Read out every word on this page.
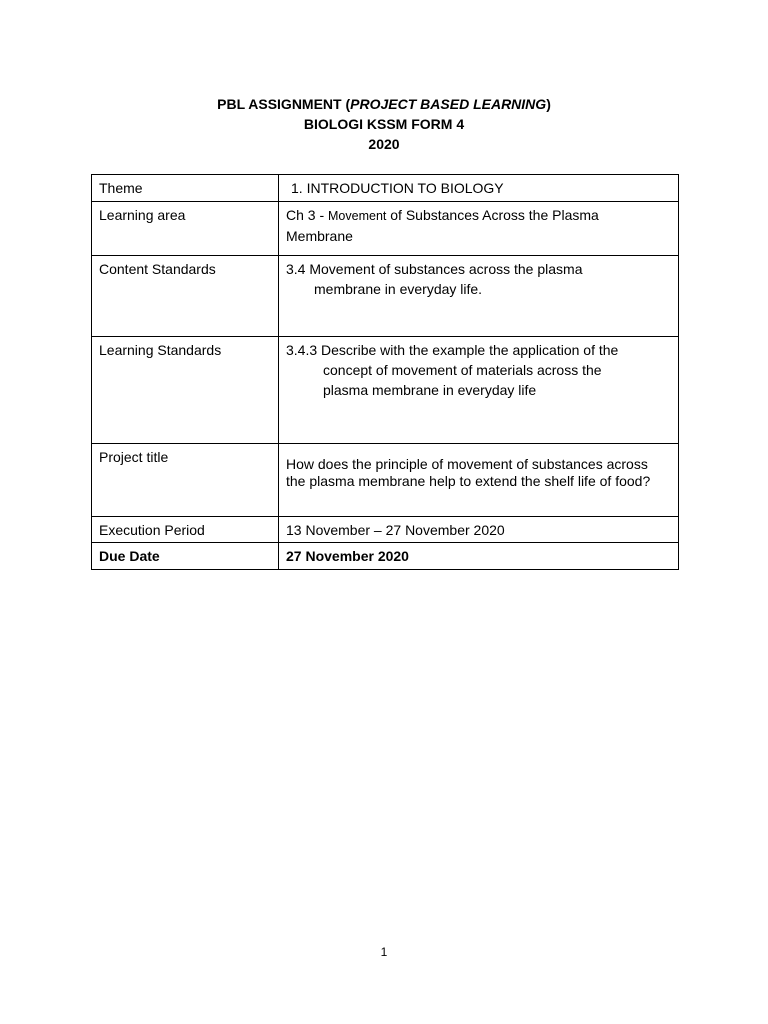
PBL ASSIGNMENT (PROJECT BASED LEARNING)
BIOLOGI KSSM FORM 4
2020
Theme	1. INTRODUCTION TO BIOLOGY
Learning area	Ch 3 - Movement of Substances Across the Plasma
Membrane
Content Standards	3.4 Movement of substances across the plasma
membrane in everyday life.

Learning Standards	3.4.3 Describe with the example the application of the
concept of movement of materials across the
plasma membrane in everyday life

Project title	How does the principle of movement of substances across the plasma membrane help to extend the shelf life of food?

Execution Period	13 November – 27 November 2020
Due Date	27 November 2020
1
